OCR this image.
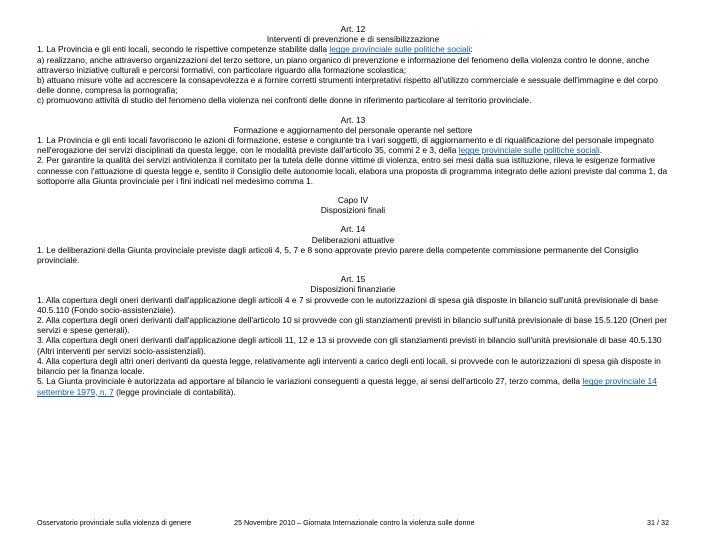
Art. 12
Interventi di prevenzione e di sensibilizzazione

1. La Provincia e gli enti locali, secondo le rispettive competenze stabilite dalla legge provinciale sulle politiche sociali:

a) realizzano, anche attraverso organizzazioni del terzo settore, un piano organico di prevenzione e informazione del fenomeno della violenza contro le donne, anche attraverso iniziative culturali e percorsi formativi, con particolare riguardo alla formazione scolastica;

b) attuano misure volte ad accrescere la consapevolezza e a fornire corretti strumenti interpretativi rispetto all'utilizzo commerciale e sessuale dell'immagine e del corpo delle donne, compresa la pornografia;

c) promuovono attività di studio del fenomeno della violenza nei confronti delle donne in riferimento particolare al territorio provinciale.

Art. 13
Formazione e aggiornamento del personale operante nel settore

1. La Provincia e gli enti locali favoriscono le azioni di formazione, estese e congiunte tra i vari soggetti, di aggiornamento e di riqualificazione del personale impegnato nell'erogazione dei servizi disciplinati da questa legge, con le modalità previste dall'articolo 35, commi 2 e 3, della legge provinciale sulle politiche sociali.

2. Per garantire la qualità dei servizi antiviolenza il comitato per la tutela delle donne vittime di violenza, entro sei mesi dalla sua istituzione, rileva le esigenze formative connesse con l'attuazione di questa legge e, sentito il Consiglio delle autonomie locali, elabora una proposta di programma integrato delle azioni previste dal comma 1, da sottoporre alla Giunta provinciale per i fini indicati nel medesimo comma 1.

Capo IV
Disposizioni finali
Art. 14
Deliberazioni attuative

1. Le deliberazioni della Giunta provinciale previste dagli articoli 4, 5, 7 e 8 sono approvate previo parere della competente commissione permanente del Consiglio provinciale.

Art. 15
Disposizioni finanziarie

1. Alla copertura degli oneri derivanti dall'applicazione degli articoli 4 e 7 si provvede con le autorizzazioni di spesa già disposte in bilancio sull'unità previsionale di base 40.5.110 (Fondo socio-assistenziale).

2. Alla copertura degli oneri derivanti dall'applicazione dell'articolo 10 si provvede con gli stanziamenti previsti in bilancio sull'unità previsionale di base 15.5.120 (Oneri per servizi e spese generali).

3. Alla copertura degli oneri derivanti dall'applicazione degli articoli 11, 12 e 13 si provvede con gli stanziamenti previsti in bilancio sull'unità previsionale di base 40.5.130 (Altri interventi per servizi socio-assistenziali).

4. Alla copertura degli altri oneri derivanti da questa legge, relativamente agli interventi a carico degli enti locali, si provvede con le autorizzazioni di spesa già disposte in bilancio per la finanza locale.

5. La Giunta provinciale è autorizzata ad apportare al bilancio le variazioni conseguenti a questa legge, ai sensi dell'articolo 27, terzo comma, della legge provinciale 14 settembre 1979, n. 7 (legge provinciale di contabilità).

Osservatorio provinciale sulla violenza di genere	25 Novembre 2010 – Giornata Internazionale contro la violenza sulle donne	31 / 32
